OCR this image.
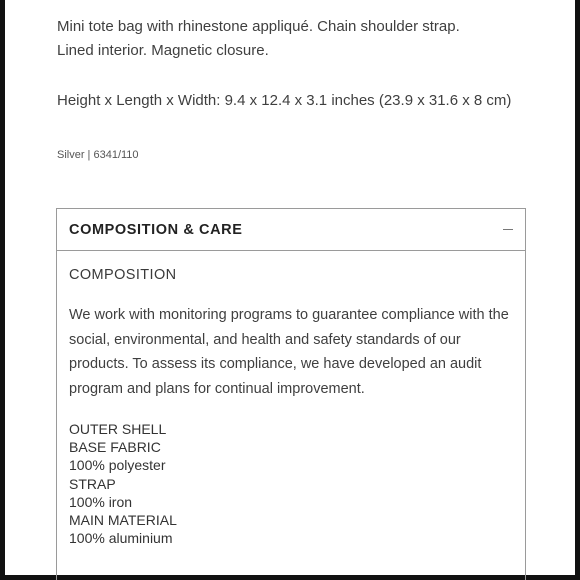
Mini tote bag with rhinestone appliqué. Chain shoulder strap.

Lined interior. Magnetic closure.

Height x Length x Width: 9.4 x 12.4 x 3.1 inches (23.9 x 31.6 x 8 cm)
Silver | 6341/110
COMPOSITION & CARE
COMPOSITION
We work with monitoring programs to guarantee compliance with the social, environmental, and health and safety standards of our products. To assess its compliance, we have developed an audit program and plans for continual improvement.
OUTER SHELL
BASE FABRIC
100% polyester
STRAP
100% iron
MAIN MATERIAL
100% aluminium
